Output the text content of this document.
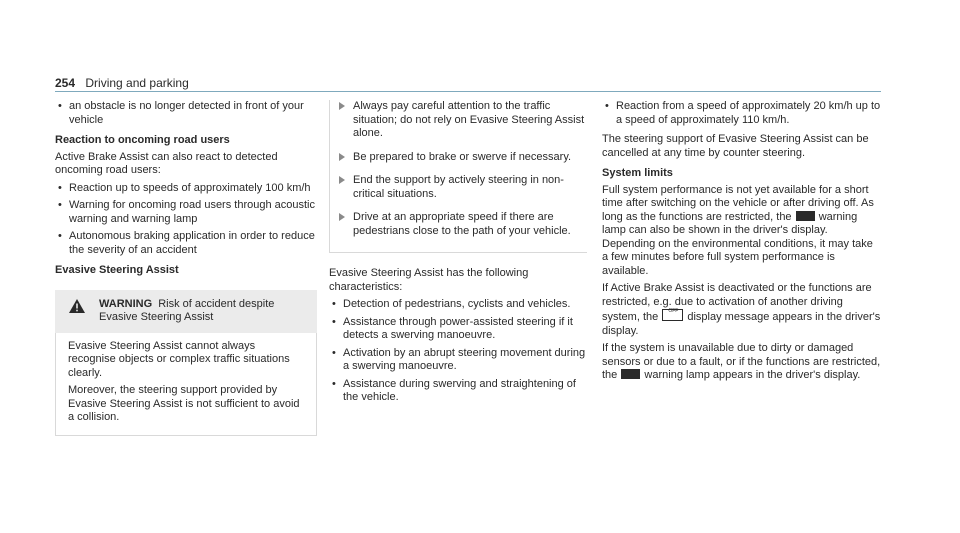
254 Driving and parking
• an obstacle is no longer detected in front of your vehicle
Reaction to oncoming road users

Active Brake Assist can also react to detected oncoming road users:

• Reaction up to speeds of approximately 100 km/h
• Warning for oncoming road users through acoustic warning and warning lamp
• Autonomous braking application in order to reduce the severity of an accident
Evasive Steering Assist
WARNING Risk of accident despite Evasive Steering Assist

Evasive Steering Assist cannot always recognise objects or complex traffic situations clearly.

Moreover, the steering support provided by Evasive Steering Assist is not sufficient to avoid a collision.

Always pay careful attention to the traffic situation; do not rely on Evasive Steering Assist alone.
Be prepared to brake or swerve if necessary.
End the support by actively steering in non-critical situations.
Drive at an appropriate speed if there are pedestrians close to the path of your vehicle.

Evasive Steering Assist has the following characteristics:

• Detection of pedestrians, cyclists and vehicles.
• Assistance through power-assisted steering if it detects a swerving manoeuvre.
• Activation by an abrupt steering movement during a swerving manoeuvre.
• Assistance during swerving and straightening of the vehicle.
• Reaction from a speed of approximately 20 km/h up to a speed of approximately 110 km/h.

The steering support of Evasive Steering Assist can be cancelled at any time by counter steering.

System limits

Full system performance is not yet available for a short time after switching on the vehicle or after driving off. As long as the functions are restricted, the warning lamp can also be shown in the driver's display. Depending on the environmental conditions, it may take a few minutes before full system performance is available.

If Active Brake Assist is deactivated or the functions are restricted, e.g. due to activation of another driving system, the OFF display message appears in the driver's display.

If the system is unavailable due to dirty or damaged sensors or due to a fault, or if the functions are restricted, the warning lamp appears in the driver's display.
